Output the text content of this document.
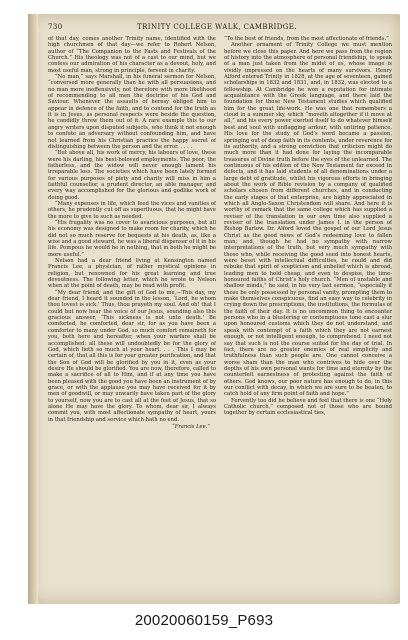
730	TRINITY COLLEGE WALK, CAMBRIDGE.

of that day, comes another Trinity name, identified with the high churchmen of that day—we refer to Robert Nelson, author of “The Companion to the Fasts and Festivals of the Church.” His theology was not of a cast to our mind, but we confess our admiration of his character as a devout, holy, and most useful man, strong in principle, fervent in charity.

“No man,” says Marshall, in his funeral sermon for Nelson, “conversed more generally than he with all persuasions, and no man more inoffensively, not therefore with more likelihood of recommending to all men the doctrine of his God and Saviour. Whenever the assaults of heresy obliged him to appear in defence of the faith, and to contend for the truth as it is in Jesus, as personal respects were beside the question, he candidly threw them out of it. A rare example this to our angry writers upon disputed subjects, who think it not enough to confute an adversary without confounding him, and have not learned from his Christian practice the happy secret of distinguishing between the person and the error. . . . .

“But above all, his work of mercy, his labours of love, these were his darling, his best-beloved employments. The poor, the fatherless, and the widow will never enough lament his irreparable loss. The societies which have been lately formed for various purposes of piety and charity will miss in him a faithful counsellor, a prudent director, an able manager, and every way accomplished for the glorious and godlike work of doing good.

“Many expenses in life, which feed the vices and vanities of others, he prudently cut off as superfluous, that he might have the more to give to such as needed.

“His frugality was no cover to avaricious purposes, but all his economy was designed to make room for charity, which he did not so much reserve for bequests at his death, as, like a wise and a good steward, he was a liberal dispenser of it in his life. Pompous he would be in nothing, that in both he might be more useful.”

Nelson had a dear friend living at Kensington named Francis Lee, a physician, of rather mystical opinions in religion, but renowned for his great learning and true devoutness. The following letter, which he wrote to Nelson when at the point of death, may be read with profit.

“My dear friend, and the gift of God to me,—This day, my dear friend, I heard it sounded in the lesson, ‘Lord, he whom thou lovest is sick.’ Thus, thou prayeth my soul. And oh! that I could but now hear the voice of our Jesus, sounding also this gracious answer, ‘This sickness is not unto death.’ Be comforted, be comforted, dear sir, for as you have been a comforter to many under God, so much comfort remaineth for you, both here and hereafter, when your warfare shall be accomplished: all these will undoubtedly be for the glory of God, which lieth so much at your heart. . . . This I may be certain of, that all this is for your greater purification, and that the Son of God will be glorified by you in it, even as your desire He should be glorified. You are now, therefore, called to make a sacrifice of all to Him, and if at any time you have been pleased with the good you have been an instrument of by grace, or with the applause you may have received for it by men of goodwill, or may unwarily have taken part of the glory to yourself, now you are to cast all at the feet of Jesus, that so alone He may have the glory. To whom, dear sir, I always commit you, with most affectionate sympathy of heart, yours in that friendship and service which hath no end.

“Francis Lee.”

“To the best of friends, from the most affectionate of friends.”

Another ornament of Trinity College we must mention before we close this paper. And here we pass from the region of history into the atmosphere of personal friendship, to speak of a man just taken from the midst of us, whose image is vividly impressed on the hearts of many survivors. Henry Alford entered Trinity in 1828, at the age of seventeen, gained scholarships in 1832 and 1831, and, in 1832, was elected to a fellowship. At Cambridge he won a reputation for intimate acquaintance with the Greek language, and there laid the foundation for those New Testament studies which qualified him for the great life-work. He was one that remembers a cloud in a summer sky, which “moveth altogether if it move at all,” and his every power exerted itself to do whatever himself best and soul with unflagging ardour, with untiring patience. His love for the study of God’s word became a passion, springing out of deep faith in its contents, under reverence for its authority, and a strong conviction that criticism might do much more than it had done for laying the incomparable treasures of Divine truth before the eyes of the unlearned. The continuous of his edition of the New Testament far exceed in defects, and it has laid students of all denominations under a large debt of gratitude, whilst his vigorous efforts in bringing about the work of Bible revision by a company of qualified scholars chosen from different churches, and in conducting the early stages of that enterprise, are highly appreciated in which all Anglo-Saxon Christendom will share. And here it is worthy of remark that the same college which has supplied a reviser of the translation in our own time also supplied a reviser of the translation under James I. in the person of Bishop Barlow. Dr. Alford loved the gospel of our Lord Jesus Christ as the good news of God’s redeeming love to fallen man; and, though he had no sympathy with narrow interpretations of the truth, but very much sympathy with those who, while receiving the good seed into honest hearts, were beset with intellectual difficulties, he could and did rebuke that spirit of scepticism and unbelief which is abroad, leading men to hold cheap, and even to despise, the time-honoured faiths of Christ’s holy church. “Men of unstable and shallow minds,” he said, in his very last sermon, “especially if those be only possessed by personal vanity, prompting them to make themselves conspicuous, find an easy way to celebrity in crying down the prescriptions, the institutions, the formulas of the faith of their day. It is no uncommon thing to encounter persons who in a blustering or contemptuous tone cast a slur upon honoured customs which they do not understand, and speak with contempt of a faith which they are not earnest enough, or not intelligent enough, to comprehend. I need not say that such is not the course suited for the day of trial. In fact, there are no greater enemies of real simplicity and truthfulness than such people are. One cannot conceive a worse sham than the man who contrives to hide over the depths of his own personal wants for time and eternity by the counterfeit earnestness of protesting against the faith of others. God knows, our poor nature has enough to do, in this our conflict with decay, in which we are sure to be beaten, to catch hold of any firm point of faith and hope.”

Fervently too did he believe and feel that there is one “Holy Catholic church,” composed not of those who are bound together by certain ecclesiastical ties,

20020060159_P693
